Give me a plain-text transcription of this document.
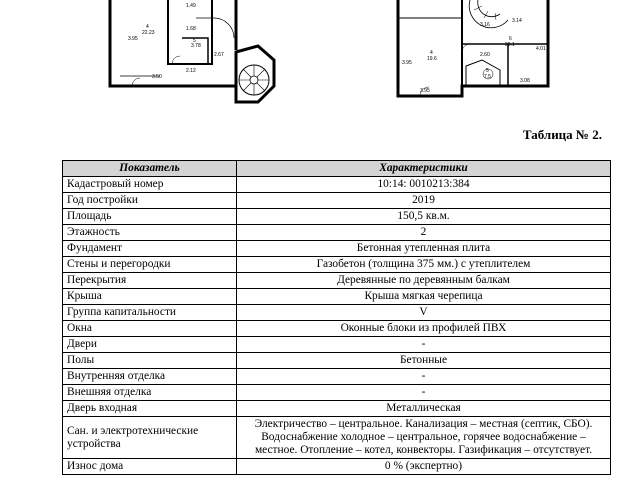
4
22.23
1.49
1.68
3.95
3.50
2.67
5
3.78
2.12
4
19.6
6
20.1
5
7.5
3.16
3.14
2.60
3.95
4.01
3.95
3.08
Таблица № 2.
Показатель	Характеристики
Кадастровый номер	10:14: 0010213:384
Год постройки	2019
Площадь	150,5 кв.м.
Этажность	2
Фундамент	Бетонная утепленная плита
Стены и перегородки	Газобетон (толщина 375 мм.) с утеплителем
Перекрытия	Деревянные по деревянным балкам
Крыша	Крыша мягкая черепица
Группа капитальности	V
Окна	Оконные блоки из профилей ПВХ
Двери	-
Полы	Бетонные
Внутренняя отделка	-
Внешняя отделка	-
Дверь входная	Металлическая
Сан. и электротехнические устройства	Электричество – центральное. Канализация – местная (септик, СБО). Водоснабжение холодное – центральное, горячее водоснабжение – местное. Отопление – котел, конвекторы. Газификация – отсутствует.
Износ дома	0 % (экспертно)
